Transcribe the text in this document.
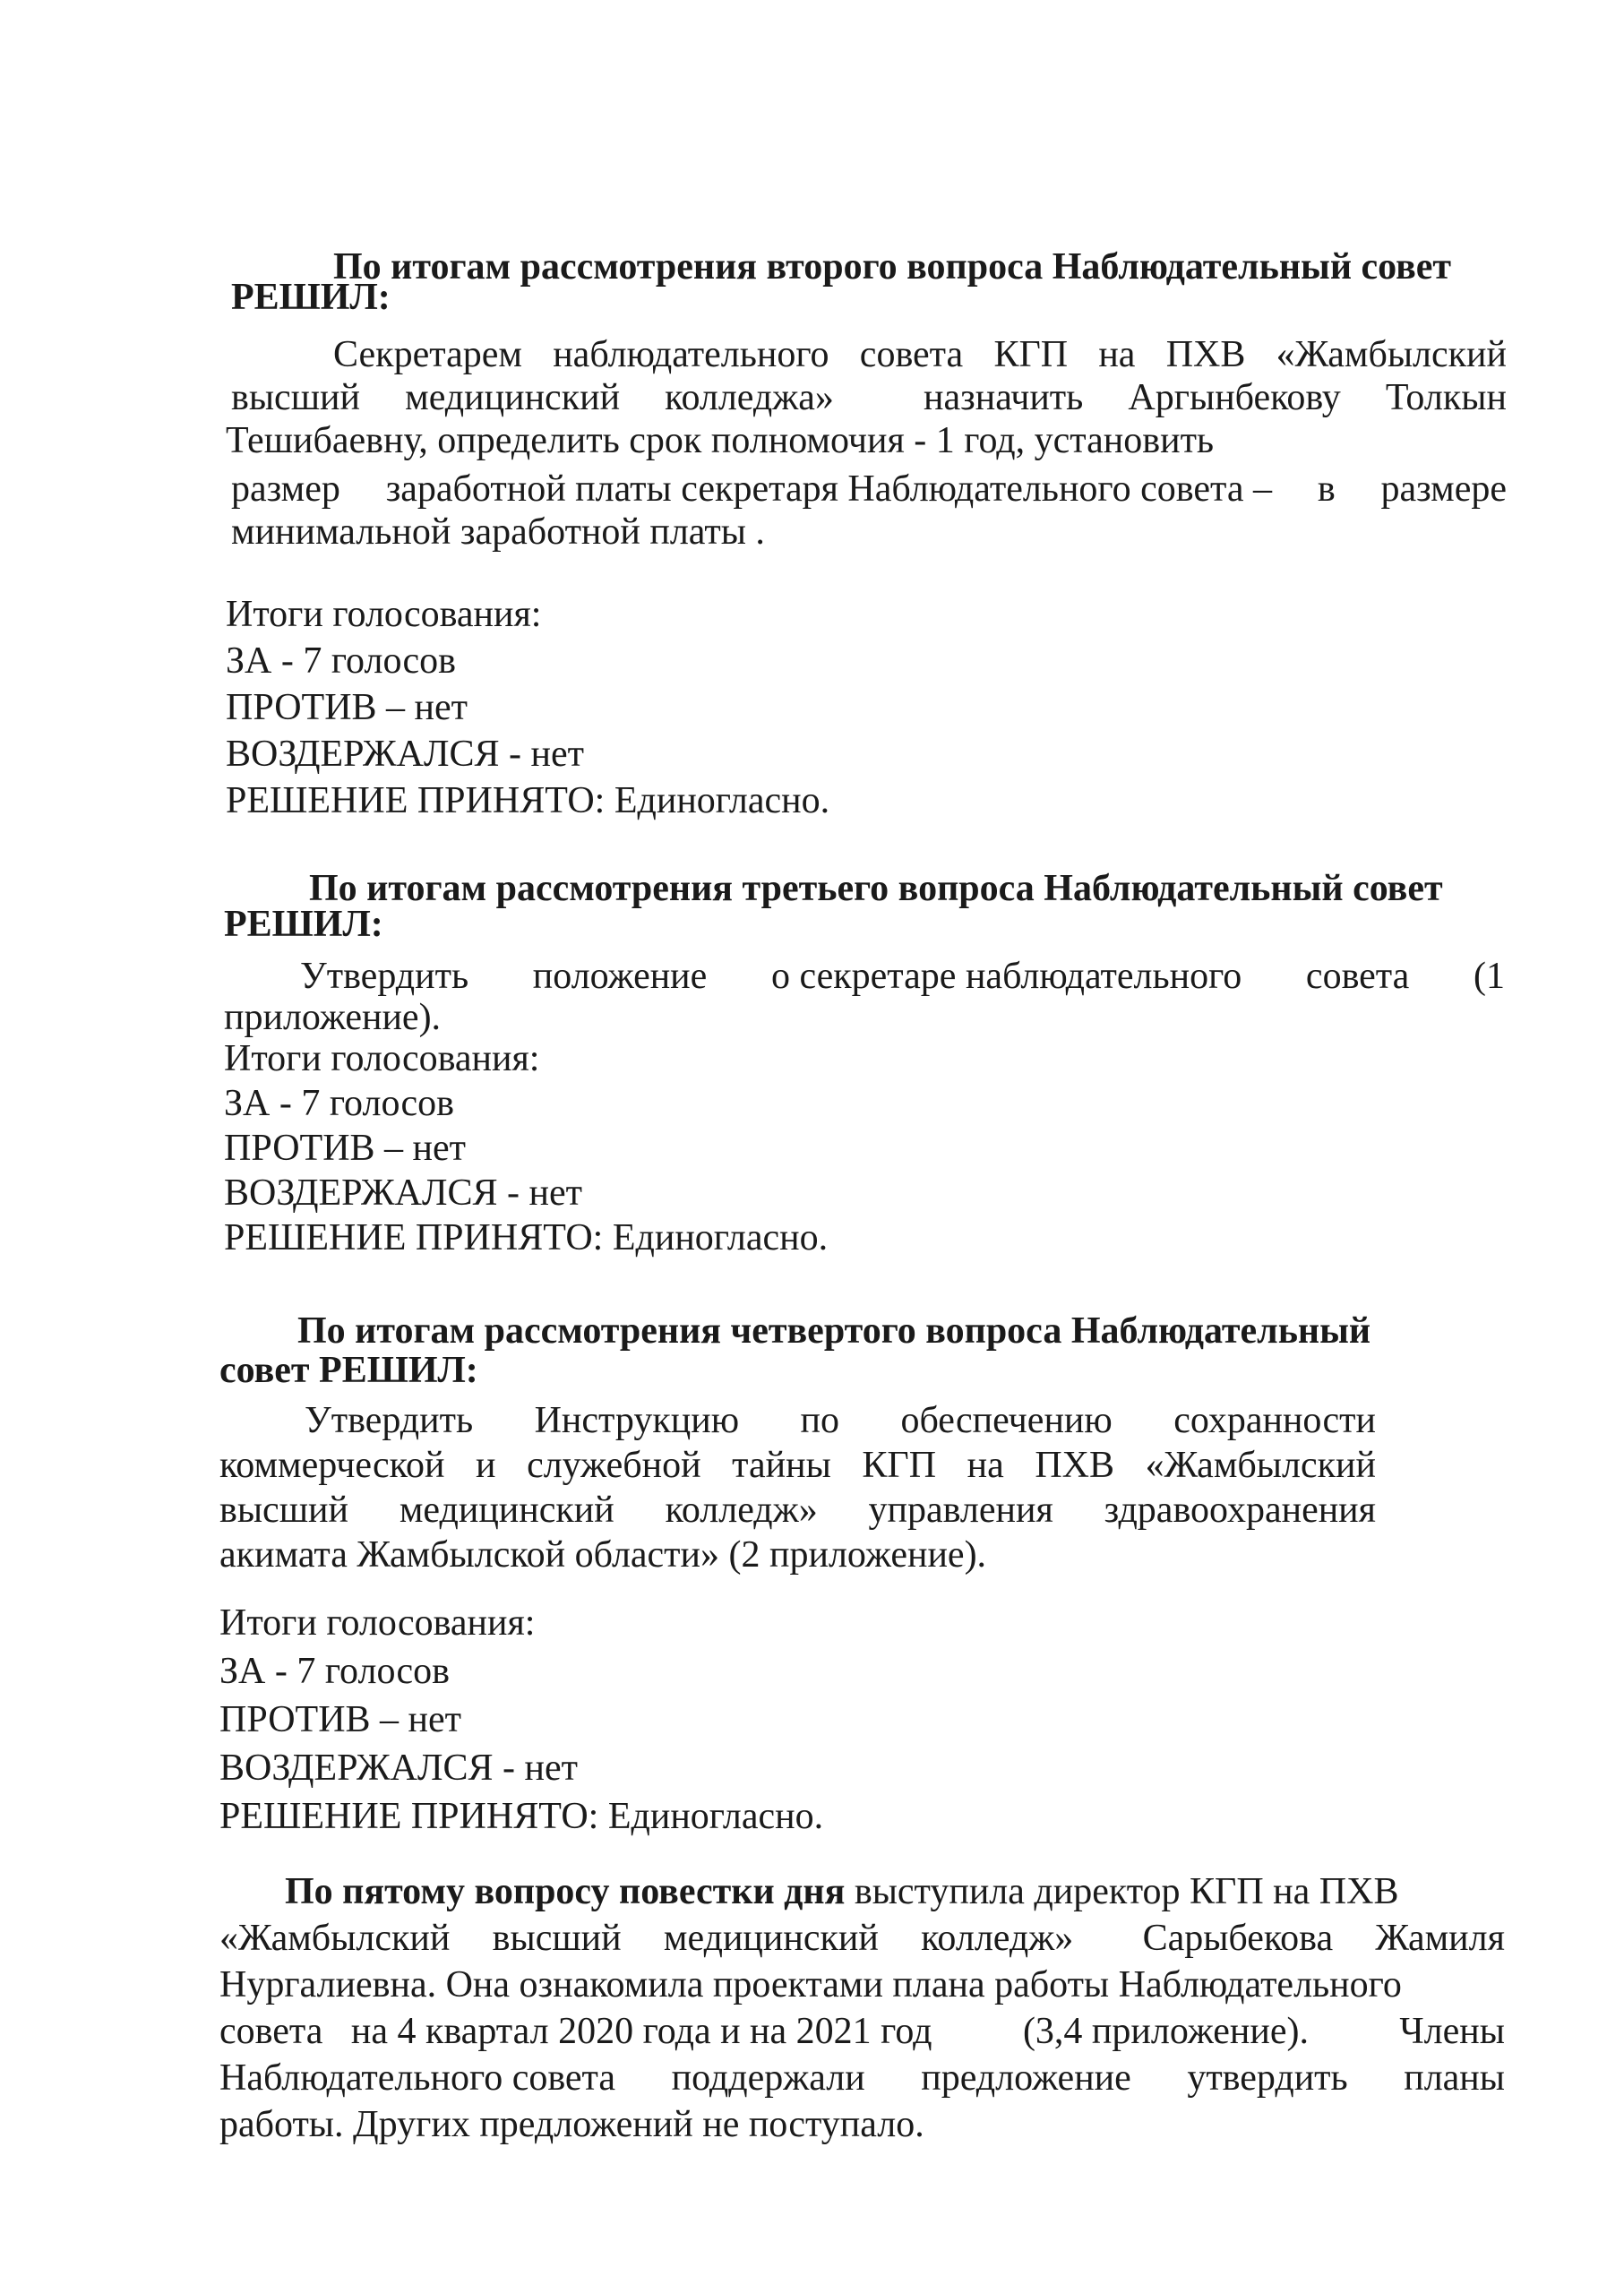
По итогам рассмотрения второго вопроса Наблюдательный совет

РЕШИЛ:

Секретарем наблюдательного совета КГП на ПХВ «Жамбылский

высший медицинский колледжа»	назначить Аргынбекову Толкын

Тешибаевну, определить срок полномочия - 1 год, установить

размер заработной платы секретаря Наблюдательного совета – в размере

минимальной заработной платы .

Итоги голосования:

ЗА - 7 голосов

ПРОТИВ – нет

ВОЗДЕРЖАЛСЯ - нет

РЕШЕНИЕ ПРИНЯТО: Единогласно.

По итогам рассмотрения третьего вопроса Наблюдательный совет

РЕШИЛ:

Утвердить положение о секретаре наблюдательного совета (1

приложение).

Итоги голосования:

ЗА - 7 голосов

ПРОТИВ – нет

ВОЗДЕРЖАЛСЯ - нет

РЕШЕНИЕ ПРИНЯТО: Единогласно.

По итогам рассмотрения четвертого вопроса Наблюдательный

совет РЕШИЛ:

Утвердить Инструкцию по обеспечению сохранности

коммерческой и служебной тайны КГП на ПХВ «Жамбылский

высший медицинский колледж» управления здравоохранения

акимата Жамбылской области» (2 приложение).

Итоги голосования:

ЗА - 7 голосов

ПРОТИВ – нет

ВОЗДЕРЖАЛСЯ - нет

РЕШЕНИЕ ПРИНЯТО: Единогласно.

По пятому вопросу повестки дня выступила директор КГП на ПХВ

«Жамбылский высший медицинский колледж»	Сарыбекова Жамиля

Нургалиевна. Она ознакомила проектами плана работы Наблюдательного

совета   на 4 квартал 2020 года и на 2021 год (3,4 приложение). Члены

Наблюдательного совета поддержали предложение утвердить планы

работы. Других предложений не поступало.
